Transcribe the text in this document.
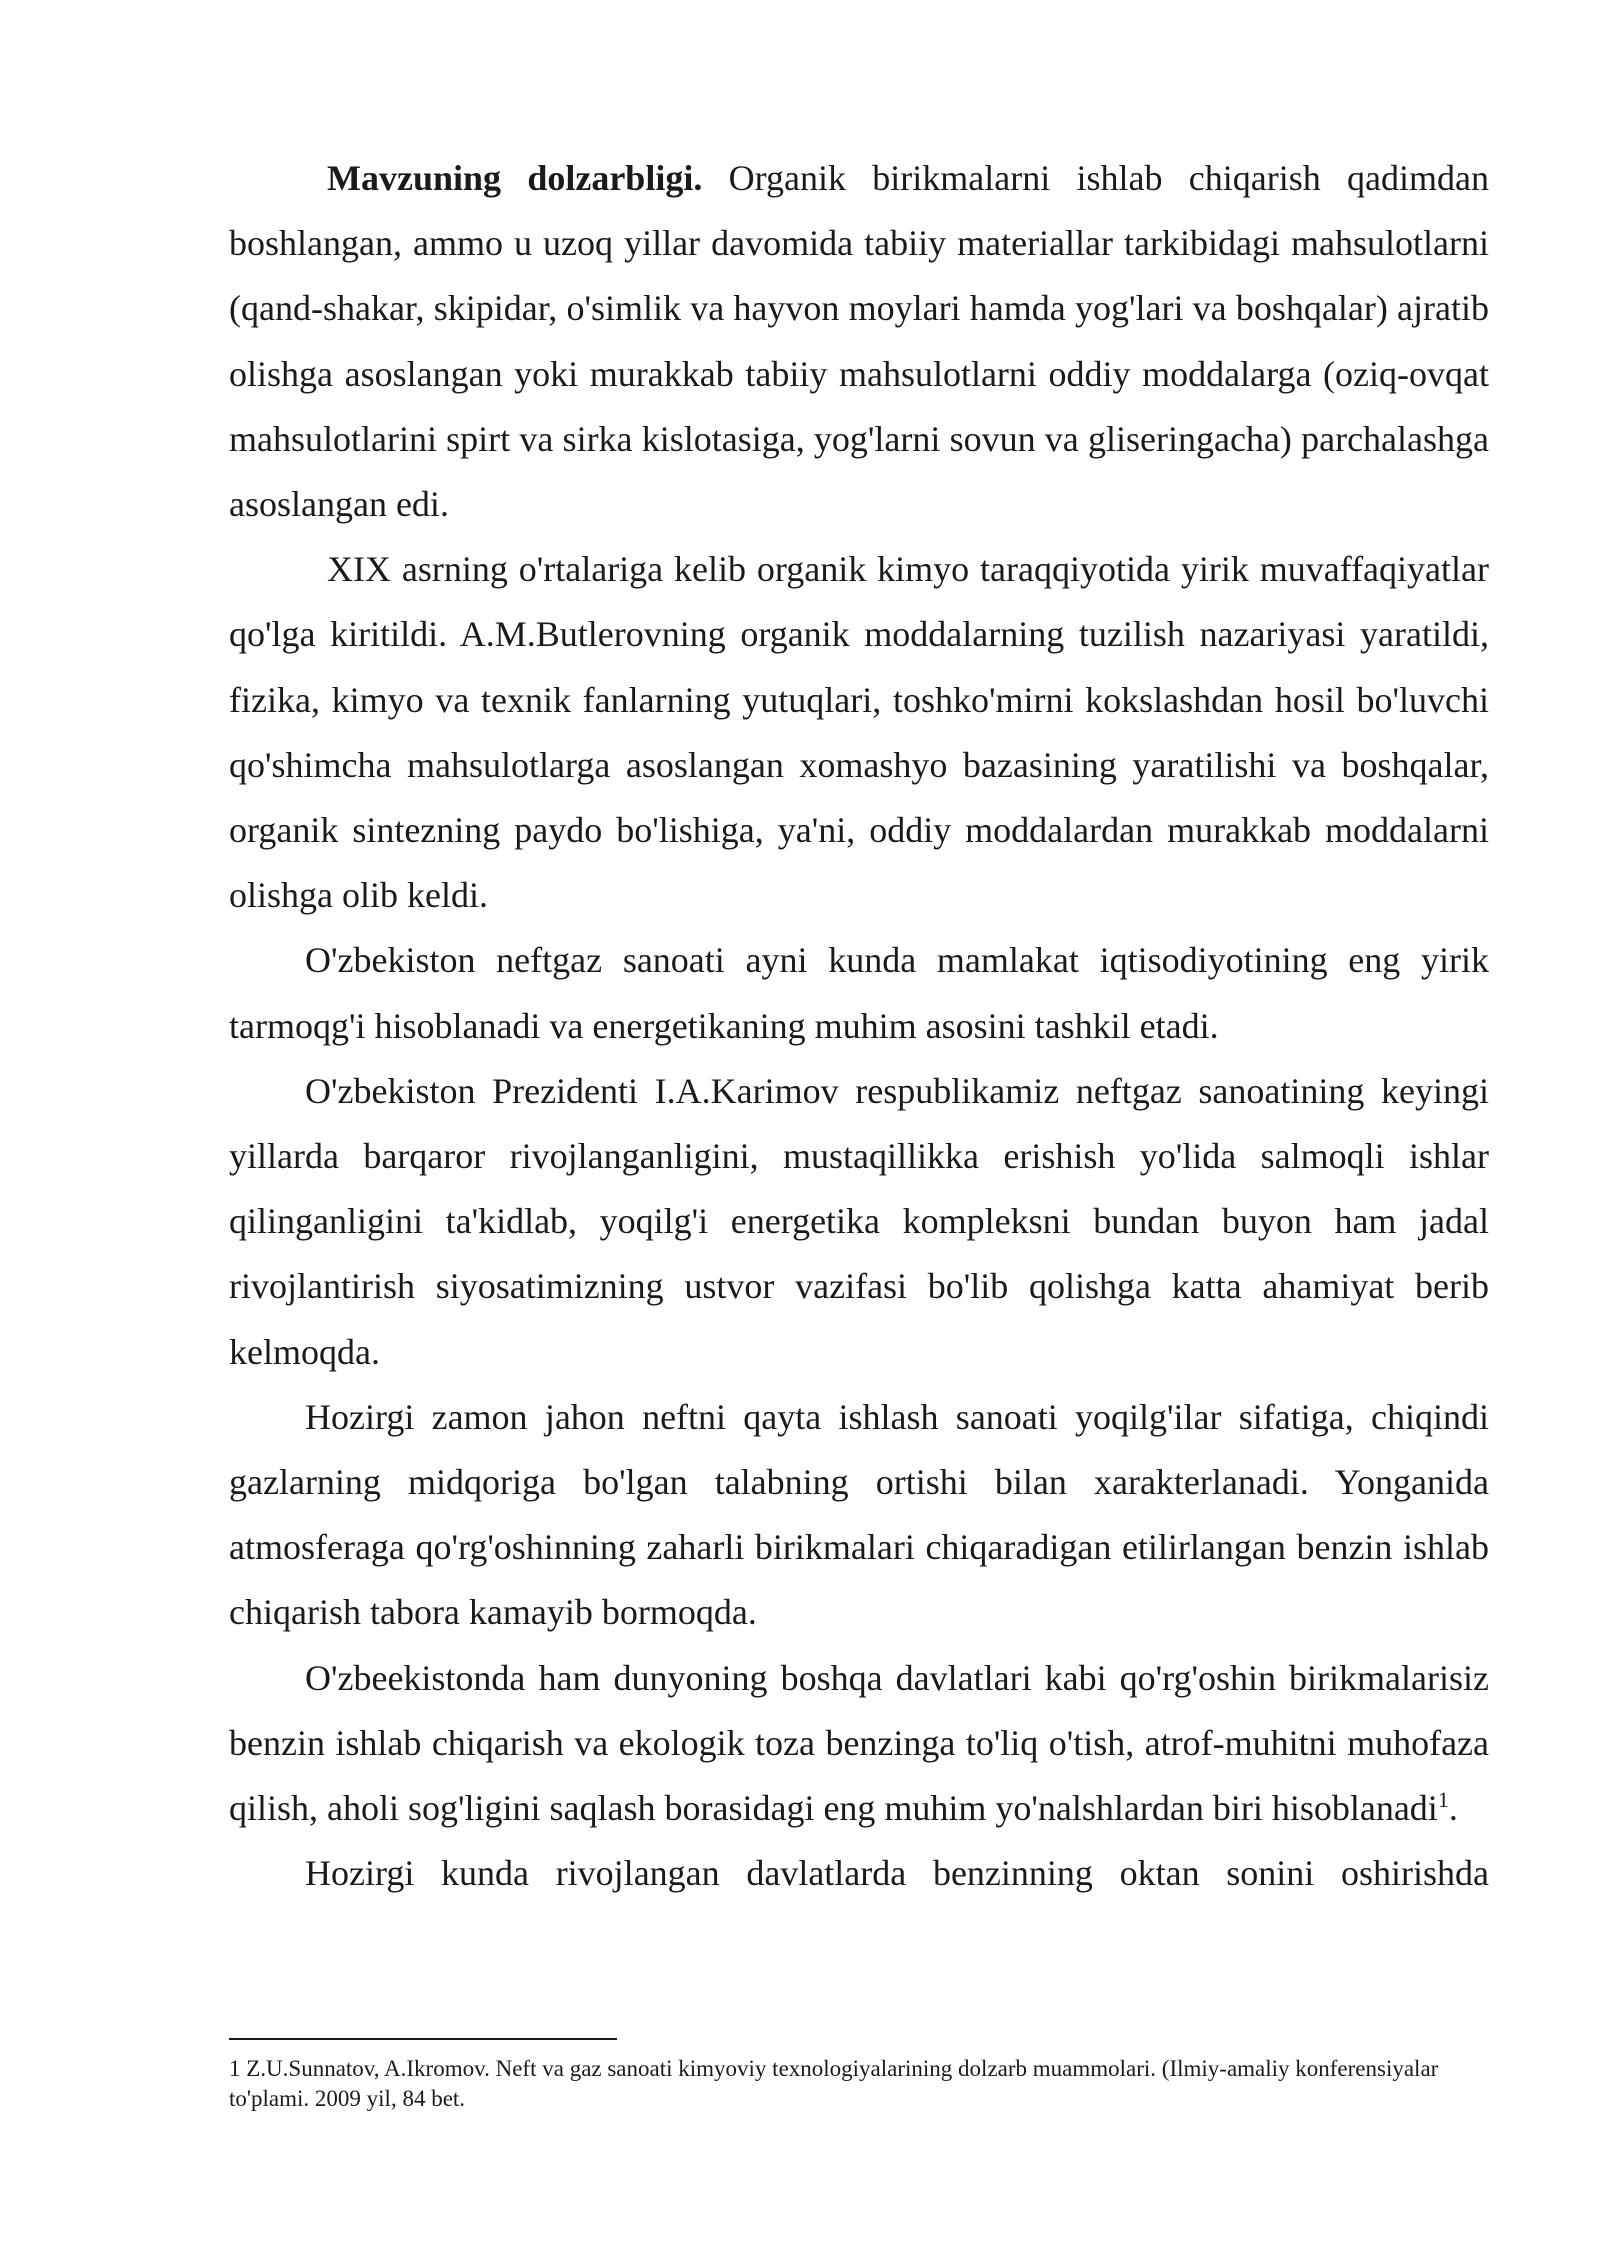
Mavzuning dolzarbligi. Organik birikmalarni ishlab chiqarish qadimdan boshlangan, ammo u uzoq yillar davomida tabiiy materiallar tarkibidagi mahsulotlarni (qand-shakar, skipidar, o'simlik va hayvon moylari hamda yog'lari va boshqalar) ajratib olishga asoslangan yoki murakkab tabiiy mahsulotlarni oddiy moddalarga (oziq-ovqat mahsulotlarini spirt va sirka kislotasiga, yog'larni sovun va gliseringacha) parchalashga asoslangan edi.

XIX asrning o'rtalariga kelib organik kimyo taraqqiyotida yirik muvaffaqiyatlar qo'lga kiritildi. A.M.Butlerovning organik moddalarning tuzilish nazariyasi yaratildi, fizika, kimyo va texnik fanlarning yutuqlari, toshko'mirni kokslashdan hosil bo'luvchi qo'shimcha mahsulotlarga asoslangan xomashyo bazasining yaratilishi va boshqalar, organik sintezning paydo bo'lishiga, ya'ni, oddiy moddalardan murakkab moddalarni olishga olib keldi.

O'zbekiston neftgaz sanoati ayni kunda mamlakat iqtisodiyotining eng yirik tarmoqg'i hisoblanadi va energetikaning muhim asosini tashkil etadi.

O'zbekiston Prezidenti I.A.Karimov respublikamiz neftgaz sanoatining keyingi yillarda barqaror rivojlanganligini, mustaqillikka erishish yo'lida salmoqli ishlar qilinganligini ta'kidlab, yoqilg'i energetika kompleksni bundan buyon ham jadal rivojlantirish siyosatimizning ustvor vazifasi bo'lib qolishga katta ahamiyat berib kelmoqda.

Hozirgi zamon jahon neftni qayta ishlash sanoati yoqilg'ilar sifatiga, chiqindi gazlarning midqoriga bo'lgan talabning ortishi bilan xarakterlanadi. Yonganida atmosferaga qo'rg'oshinning zaharli birikmalari chiqaradigan etilirlangan benzin ishlab chiqarish tabora kamayib bormoqda.

O'zbeekistonda ham dunyoning boshqa davlatlari kabi qo'rg'oshin birikmalarisiz benzin ishlab chiqarish va ekologik toza benzinga to'liq o'tish, atrof-muhitni muhofaza qilish, aholi sog'ligini saqlash borasidagi eng muhim yo'nalshlardan biri hisoblanadi$^1$.

Hozirgi kunda rivojlangan davlatlarda benzinning oktan sonini oshirishda

1 Z.U.Sunnatov, A.Ikromov. Neft va gaz sanoati kimyoviy texnologiyalarining dolzarb muammolari. (Ilmiy-amaliy konferensiyalar to'plami. 2009 yil, 84 bet.
